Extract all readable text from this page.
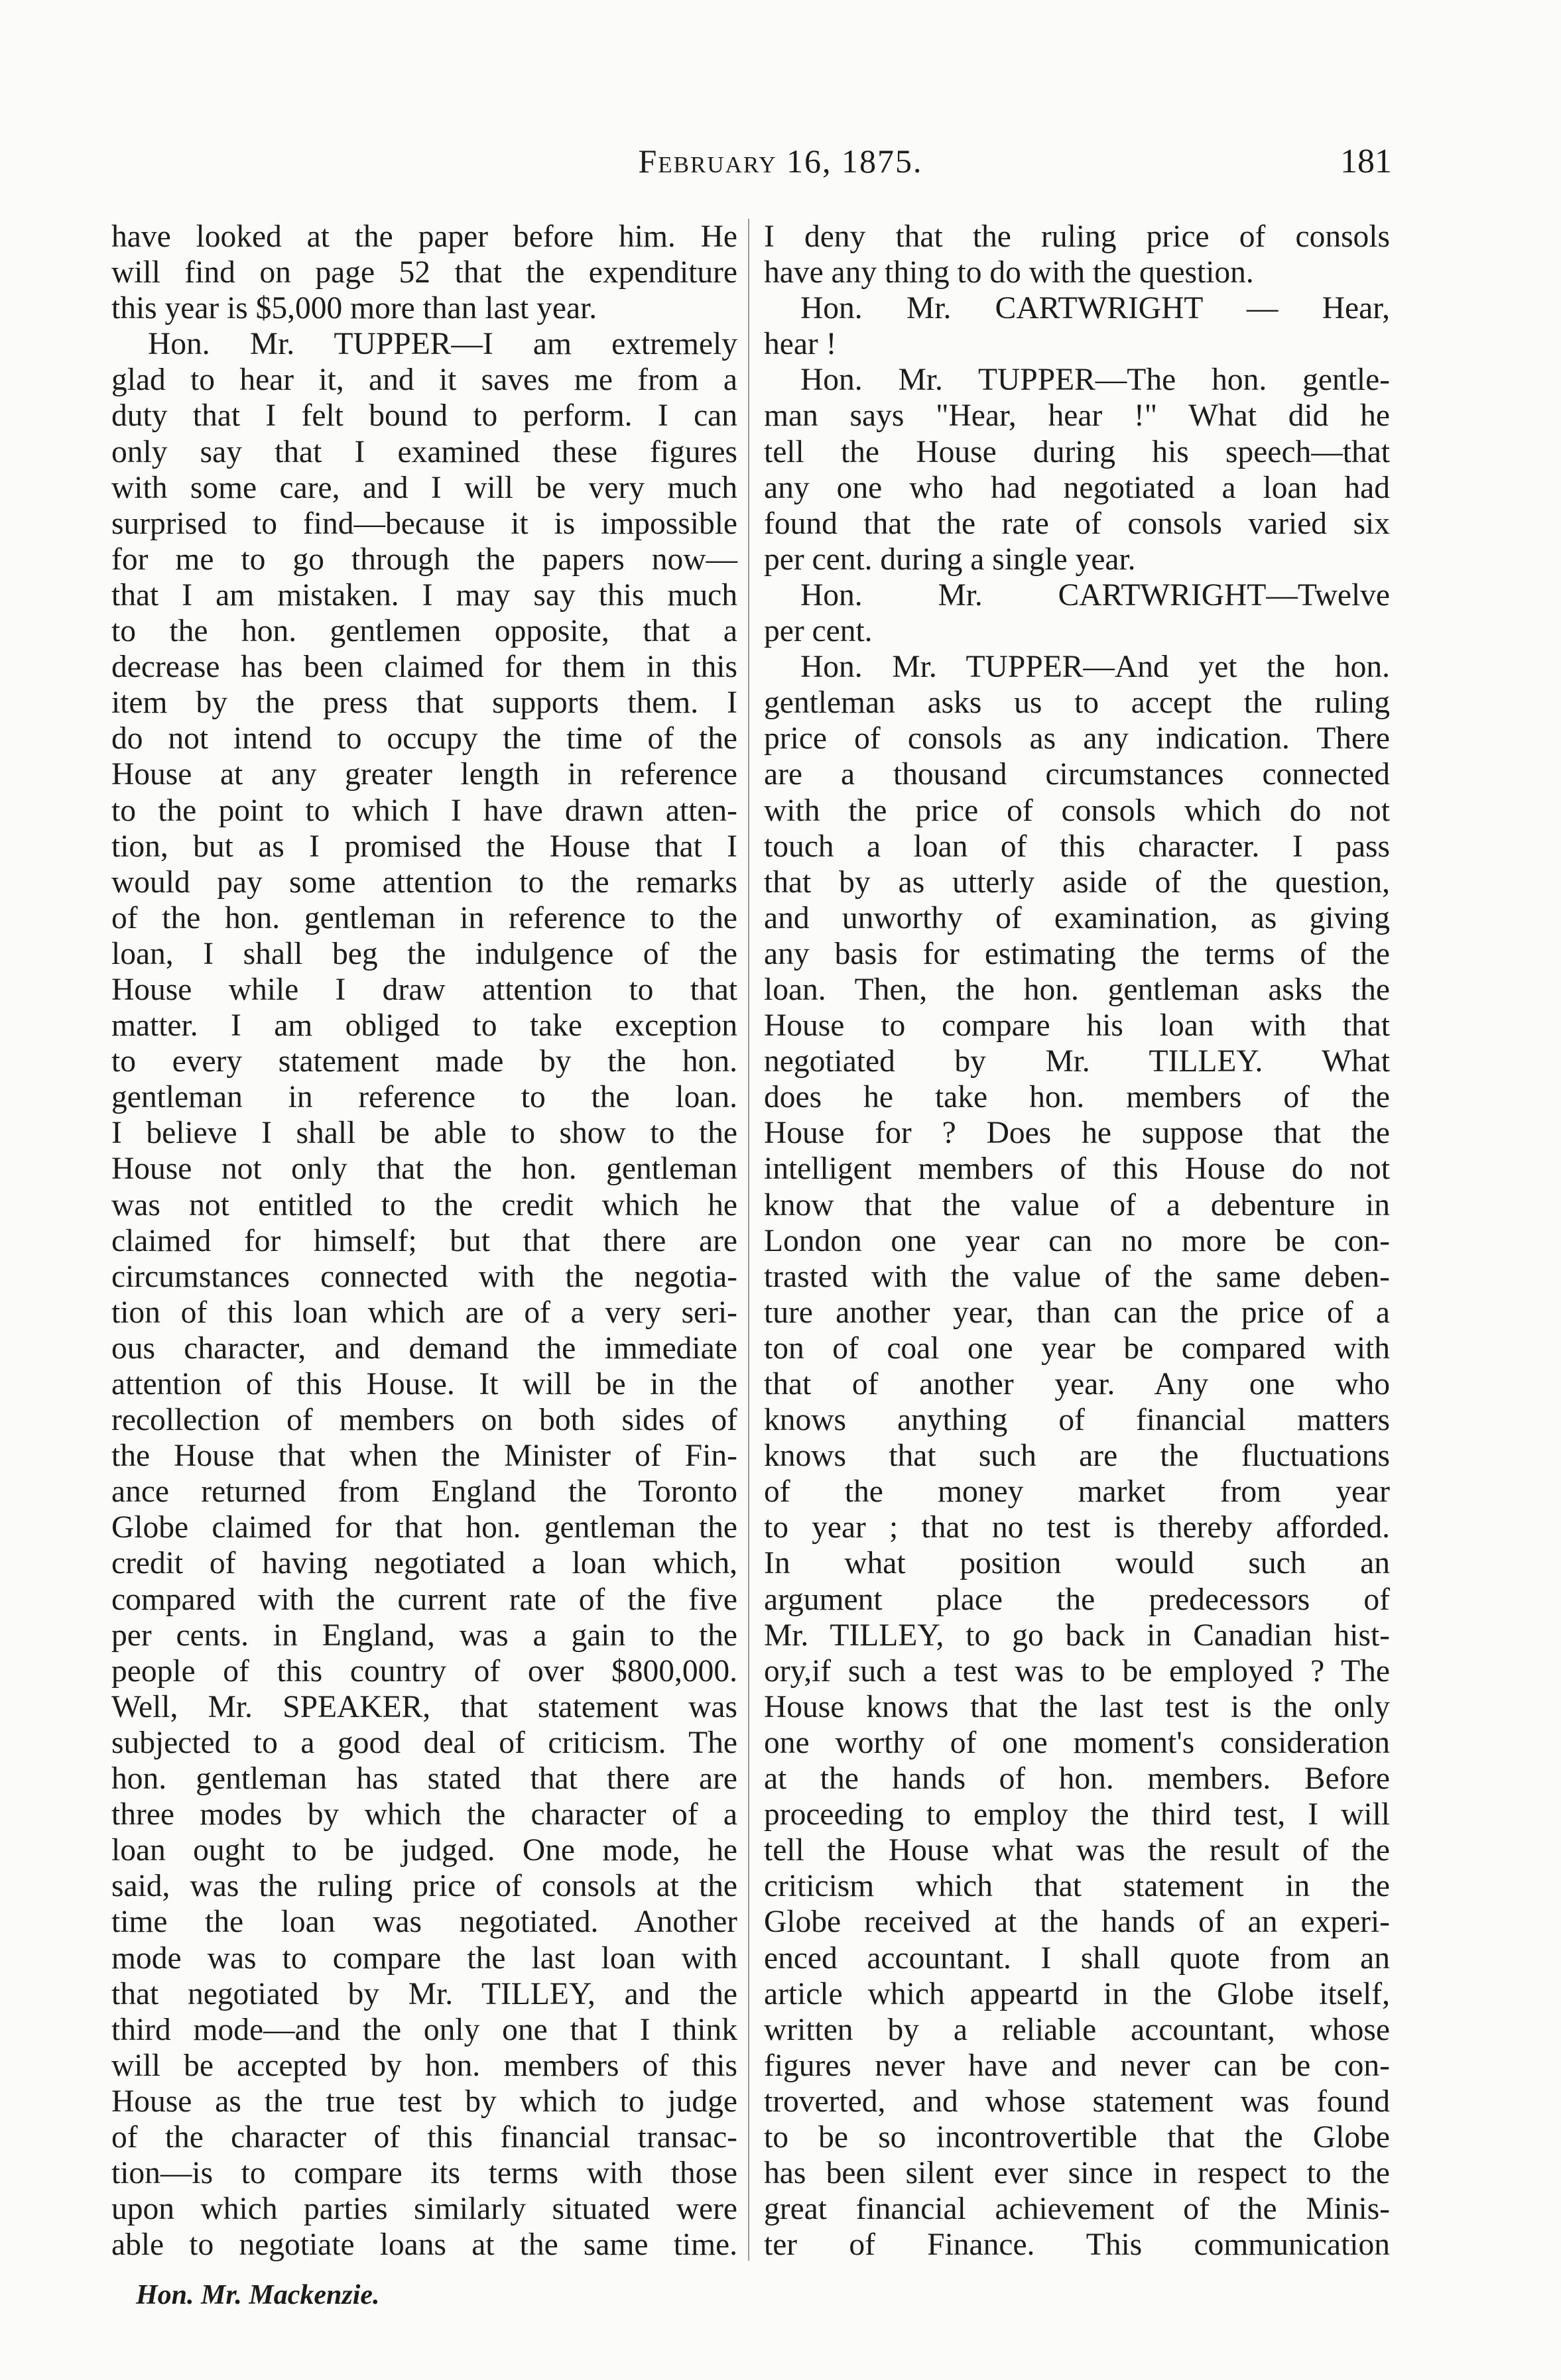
February 16, 1875.	181

have looked at the paper before him. He

will find on page 52 that the expenditure

this year is $5,000 more than last year.

Hon. Mr. TUPPER—I am extremely

glad to hear it, and it saves me from a

duty that I felt bound to perform. I can

only say that I examined these figures

with some care, and I will be very much

surprised to find—because it is impossible

for me to go through the papers now—

that I am mistaken. I may say this much

to the hon. gentlemen opposite, that a

decrease has been claimed for them in this

item by the press that supports them. I

do not intend to occupy the time of the

House at any greater length in reference

to the point to which I have drawn atten-

tion, but as I promised the House that I

would pay some attention to the remarks

of the hon. gentleman in reference to the

loan, I shall beg the indulgence of the

House while I draw attention to that

matter. I am obliged to take exception

to every statement made by the hon.

gentleman in reference to the loan.

I believe I shall be able to show to the

House not only that the hon. gentleman

was not entitled to the credit which he

claimed for himself; but that there are

circumstances connected with the negotia-

tion of this loan which are of a very seri-

ous character, and demand the immediate

attention of this House. It will be in the

recollection of members on both sides of

the House that when the Minister of Fin-

ance returned from England the Toronto

Globe claimed for that hon. gentleman the

credit of having negotiated a loan which,

compared with the current rate of the five

per cents. in England, was a gain to the

people of this country of over $800,000.

Well, Mr. SPEAKER, that statement was

subjected to a good deal of criticism. The

hon. gentleman has stated that there are

three modes by which the character of a

loan ought to be judged. One mode, he

said, was the ruling price of consols at the

time the loan was negotiated. Another

mode was to compare the last loan with

that negotiated by Mr. TILLEY, and the

third mode—and the only one that I think

will be accepted by hon. members of this

House as the true test by which to judge

of the character of this financial transac-

tion—is to compare its terms with those

upon which parties similarly situated were

able to negotiate loans at the same time.

I deny that the ruling price of consols

have any thing to do with the question.

Hon. Mr. CARTWRIGHT — Hear,

hear !

Hon. Mr. TUPPER—The hon. gentle-

man says "Hear, hear !" What did he

tell the House during his speech—that

any one who had negotiated a loan had

found that the rate of consols varied six

per cent. during a single year.

Hon. Mr. CARTWRIGHT—Twelve

per cent.

Hon. Mr. TUPPER—And yet the hon.

gentleman asks us to accept the ruling

price of consols as any indication. There

are a thousand circumstances connected

with the price of consols which do not

touch a loan of this character. I pass

that by as utterly aside of the question,

and unworthy of examination, as giving

any basis for estimating the terms of the

loan. Then, the hon. gentleman asks the

House to compare his loan with that

negotiated by Mr. TILLEY. What

does he take hon. members of the

House for ? Does he suppose that the

intelligent members of this House do not

know that the value of a debenture in

London one year can no more be con-

trasted with the value of the same deben-

ture another year, than can the price of a

ton of coal one year be compared with

that of another year. Any one who

knows anything of financial matters

knows that such are the fluctuations

of the money market from year

to year ; that no test is thereby afforded.

In what position would such an

argument place the predecessors of

Mr. TILLEY, to go back in Canadian hist-

ory,if such a test was to be employed ? The

House knows that the last test is the only

one worthy of one moment's consideration

at the hands of hon. members. Before

proceeding to employ the third test, I will

tell the House what was the result of the

criticism which that statement in the

Globe received at the hands of an experi-

enced accountant. I shall quote from an

article which appeartd in the Globe itself,

written by a reliable accountant, whose

figures never have and never can be con-

troverted, and whose statement was found

to be so incontrovertible that the Globe

has been silent ever since in respect to the

great financial achievement of the Minis-

ter of Finance. This communication

Hon. Mr. Mackenzie.
